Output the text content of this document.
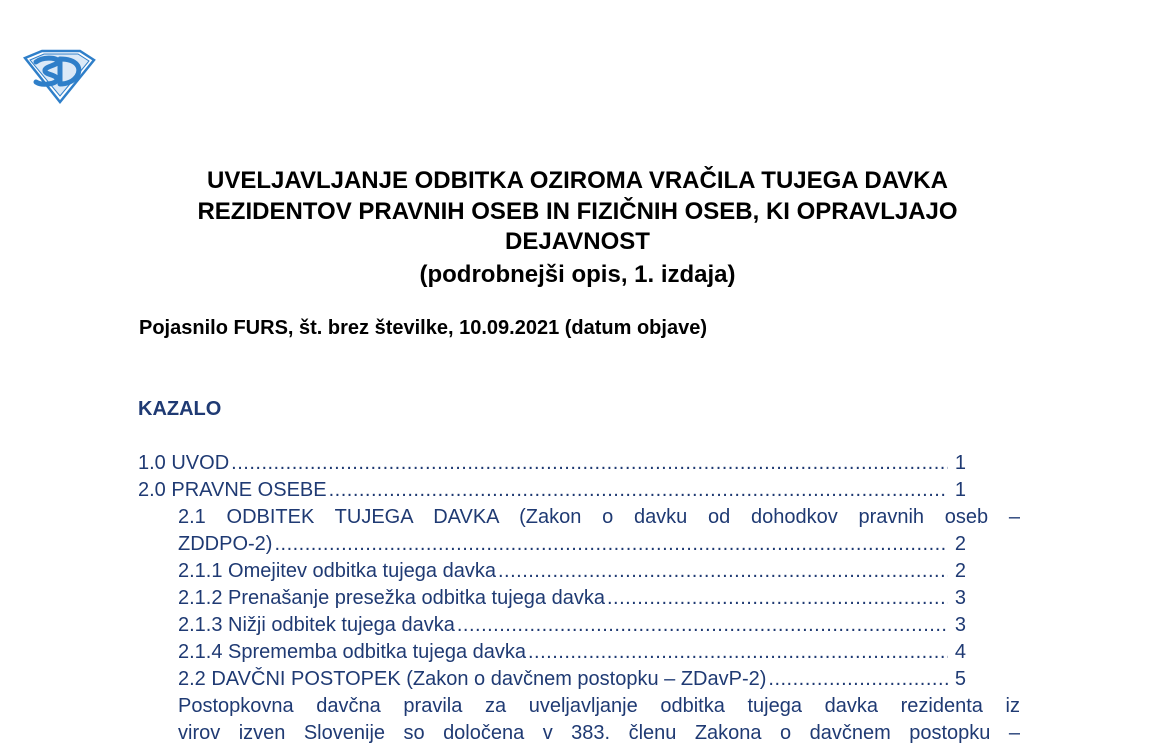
UVELJAVLJANJE ODBITKA OZIROMA VRAČILA TUJEGA DAVKA
REZIDENTOV PRAVNIH OSEB IN FIZIČNIH OSEB, KI OPRAVLJAJO
DEJAVNOST
(podrobnejši opis, 1. izdaja)
Pojasnilo FURS, št. brez številke, 10.09.2021 (datum objave)
KAZALO
1.0 UVOD .....	1
2.0 PRAVNE OSEBE .....	1
2.1 ODBITEK TUJEGA DAVKA (Zakon o davku od dohodkov pravnih oseb –
ZDDPO-2) .....	2
2.1.1 Omejitev odbitka tujega davka .....	2
2.1.2 Prenašanje presežka odbitka tujega davka .....	3
2.1.3 Nižji odbitek tujega davka .....	3
2.1.4 Sprememba odbitka tujega davka .....	4
2.2 DAVČNI POSTOPEK (Zakon o davčnem postopku – ZDavP-2) .....	5
Postopkovna davčna pravila za uveljavljanje odbitka tujega davka rezidenta iz
virov izven Slovenije so določena v 383. členu Zakona o davčnem postopku –
